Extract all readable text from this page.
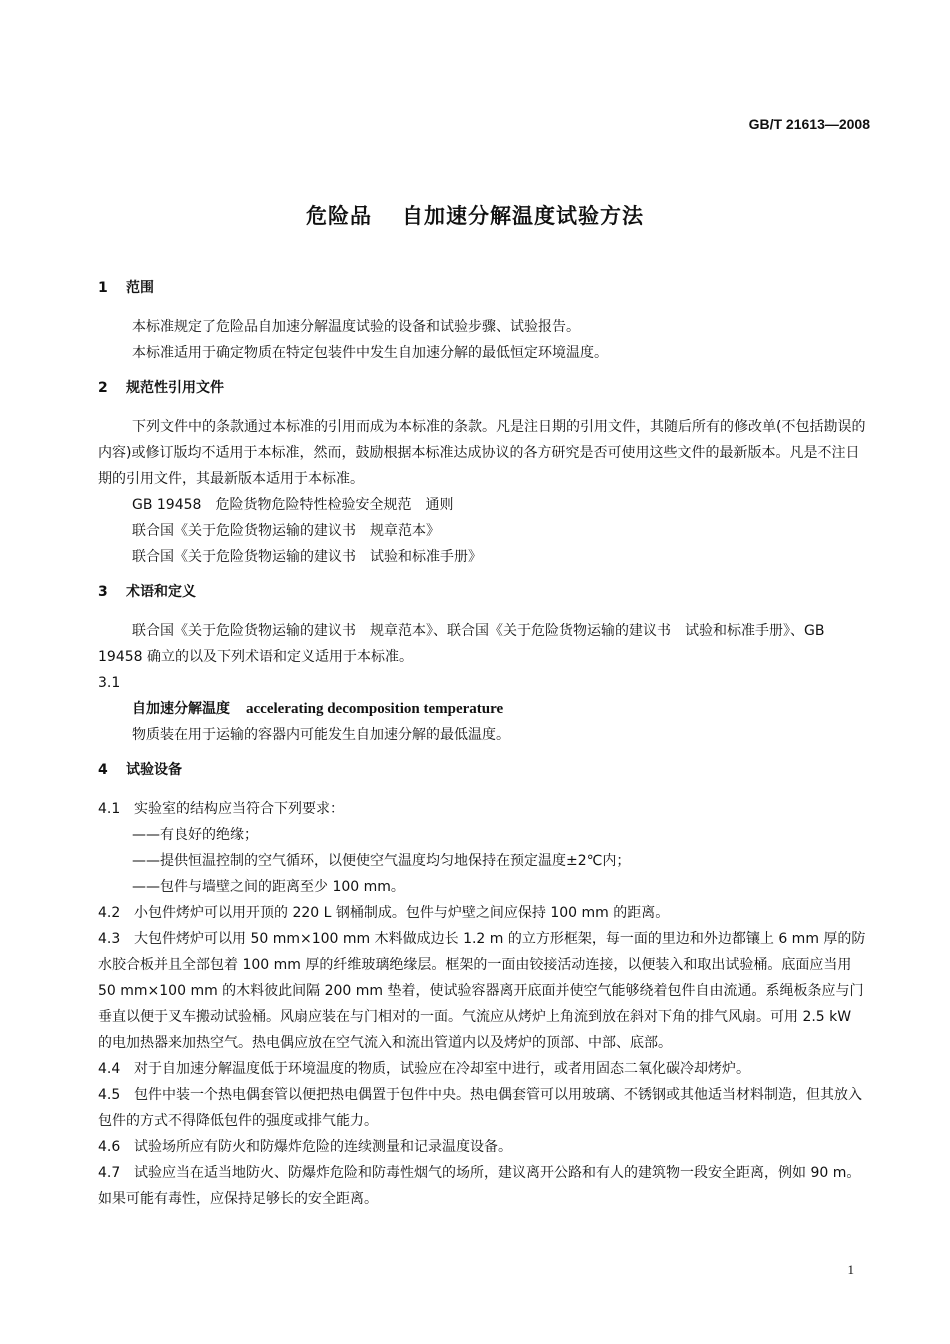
GB/T 21613—2008
危险品 自加速分解温度试验方法
1 范围
本标准规定了危险品自加速分解温度试验的设备和试验步骤、试验报告。
本标准适用于确定物质在特定包装件中发生自加速分解的最低恒定环境温度。
2 规范性引用文件
下列文件中的条款通过本标准的引用而成为本标准的条款。凡是注日期的引用文件，其随后所有的修改单(不包括勘误的内容)或修订版均不适用于本标准，然而，鼓励根据本标准达成协议的各方研究是否可使用这些文件的最新版本。凡是不注日期的引用文件，其最新版本适用于本标准。
GB 19458　危险货物危险特性检验安全规范　通则
联合国《关于危险货物运输的建议书　规章范本》
联合国《关于危险货物运输的建议书　试验和标准手册》
3 术语和定义
联合国《关于危险货物运输的建议书　规章范本》、联合国《关于危险货物运输的建议书　试验和标准手册》、GB 19458 确立的以及下列术语和定义适用于本标准。
3.1
自加速分解温度 accelerating decomposition temperature
物质装在用于运输的容器内可能发生自加速分解的最低温度。
4 试验设备
4.1 实验室的结构应当符合下列要求：
——有良好的绝缘；
——提供恒温控制的空气循环，以便使空气温度均匀地保持在预定温度±2℃内；
——包件与墙壁之间的距离至少 100 mm。
4.2 小包件烤炉可以用开顶的 220 L 钢桶制成。包件与炉壁之间应保持 100 mm 的距离。
4.3 大包件烤炉可以用 50 mm×100 mm 木料做成边长 1.2 m 的立方形框架，每一面的里边和外边都镶上 6 mm 厚的防水胶合板并且全部包着 100 mm 厚的纤维玻璃绝缘层。框架的一面由铰接活动连接，以便装入和取出试验桶。底面应当用 50 mm×100 mm 的木料彼此间隔 200 mm 垫着，使试验容器离开底面并使空气能够绕着包件自由流通。系绳板条应与门垂直以便于叉车搬动试验桶。风扇应装在与门相对的一面。气流应从烤炉上角流到放在斜对下角的排气风扇。可用 2.5 kW 的电加热器来加热空气。热电偶应放在空气流入和流出管道内以及烤炉的顶部、中部、底部。
4.4 对于自加速分解温度低于环境温度的物质，试验应在冷却室中进行，或者用固态二氧化碳冷却烤炉。
4.5 包件中装一个热电偶套管以便把热电偶置于包件中央。热电偶套管可以用玻璃、不锈钢或其他适当材料制造，但其放入包件的方式不得降低包件的强度或排气能力。
4.6 试验场所应有防火和防爆炸危险的连续测量和记录温度设备。
4.7 试验应当在适当地防火、防爆炸危险和防毒性烟气的场所，建议离开公路和有人的建筑物一段安全距离，例如 90 m。如果可能有毒性，应保持足够长的安全距离。
1
